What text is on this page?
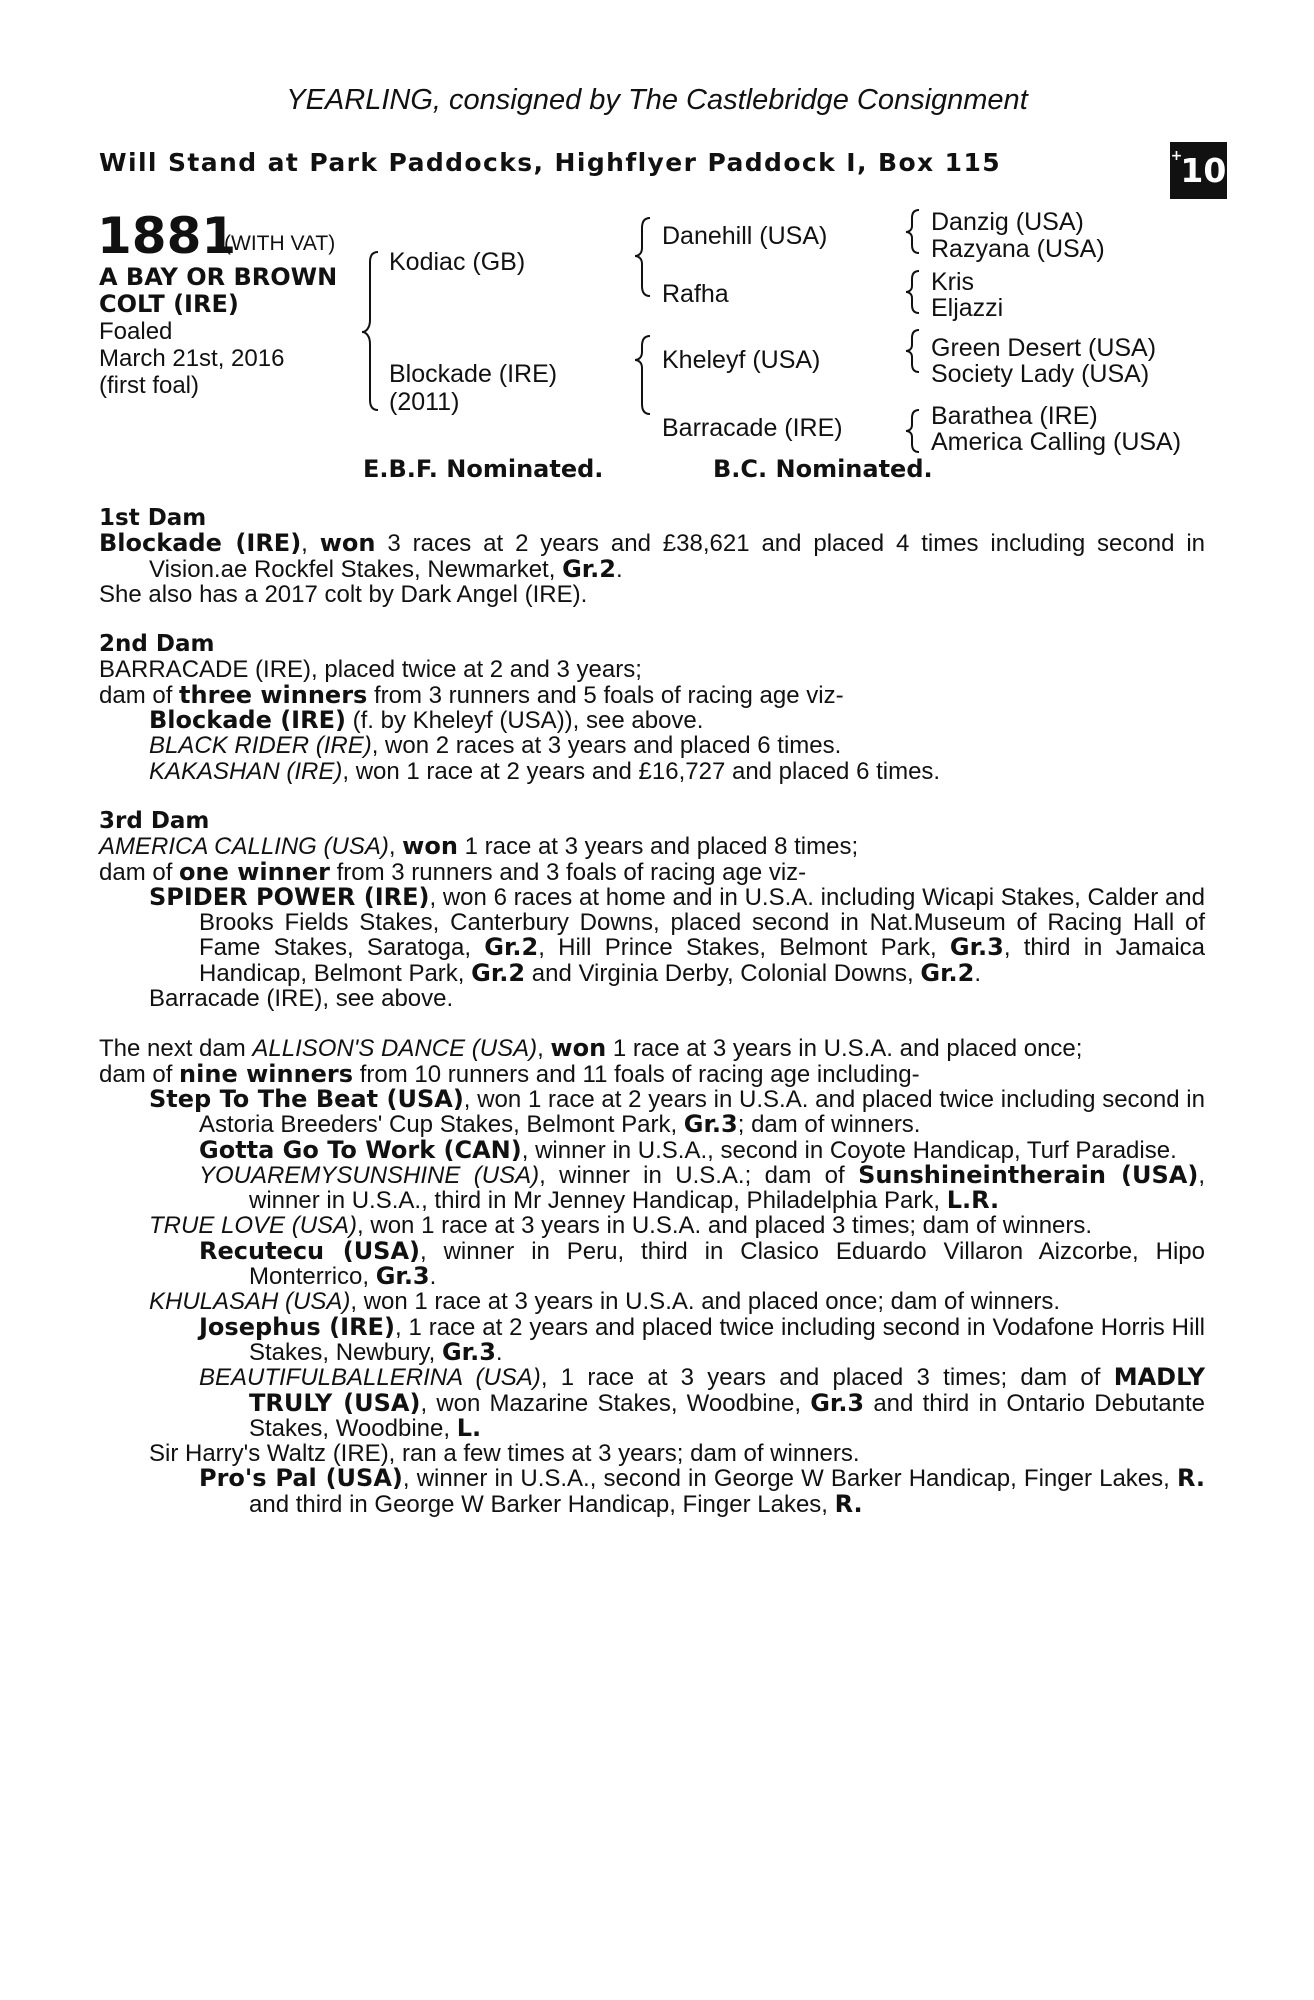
YEARLING, consigned by The Castlebridge Consignment
Will Stand at Park Paddocks, Highflyer Paddock I, Box 115	+
10
1881
(WITH VAT)
A BAY OR BROWN COLT (IRE)
Foaled
March 21st, 2016
(first foal)
Kodiac (GB)
Blockade (IRE)
(2011)
Danehill (USA)
Rafha
Kheleyf (USA)
Barracade (IRE)
Danzig (USA)
Razyana (USA)
Kris
Eljazzi
Green Desert (USA)
Society Lady (USA)
Barathea (IRE)
America Calling (USA)
E.B.F. Nominated.	B.C. Nominated.

1st Dam

Blockade (IRE), won 3 races at 2 years and £38,621 and placed 4 times including second in Vision.ae Rockfel Stakes, Newmarket, Gr.2.

She also has a 2017 colt by Dark Angel (IRE).

2nd Dam

BARRACADE (IRE), placed twice at 2 and 3 years;

dam of three winners from 3 runners and 5 foals of racing age viz-

Blockade (IRE) (f. by Kheleyf (USA)), see above.

BLACK RIDER (IRE), won 2 races at 3 years and placed 6 times.

KAKASHAN (IRE), won 1 race at 2 years and £16,727 and placed 6 times.

3rd Dam

AMERICA CALLING (USA), won 1 race at 3 years and placed 8 times;

dam of one winner from 3 runners and 3 foals of racing age viz-

SPIDER POWER (IRE), won 6 races at home and in U.S.A. including Wicapi Stakes, Calder and Brooks Fields Stakes, Canterbury Downs, placed second in Nat.Museum of Racing Hall of Fame Stakes, Saratoga, Gr.2, Hill Prince Stakes, Belmont Park, Gr.3, third in Jamaica Handicap, Belmont Park, Gr.2 and Virginia Derby, Colonial Downs, Gr.2.

Barracade (IRE), see above.

The next dam ALLISON'S DANCE (USA), won 1 race at 3 years in U.S.A. and placed once;

dam of nine winners from 10 runners and 11 foals of racing age including-

Step To The Beat (USA), won 1 race at 2 years in U.S.A. and placed twice including second in Astoria Breeders' Cup Stakes, Belmont Park, Gr.3; dam of winners.

Gotta Go To Work (CAN), winner in U.S.A., second in Coyote Handicap, Turf Paradise.

YOUAREMYSUNSHINE (USA), winner in U.S.A.; dam of Sunshineintherain (USA), winner in U.S.A., third in Mr Jenney Handicap, Philadelphia Park, L.R.

TRUE LOVE (USA), won 1 race at 3 years in U.S.A. and placed 3 times; dam of winners.

Recutecu (USA), winner in Peru, third in Clasico Eduardo Villaron Aizcorbe, Hipo Monterrico, Gr.3.

KHULASAH (USA), won 1 race at 3 years in U.S.A. and placed once; dam of winners.

Josephus (IRE), 1 race at 2 years and placed twice including second in Vodafone Horris Hill Stakes, Newbury, Gr.3.

BEAUTIFULBALLERINA (USA), 1 race at 3 years and placed 3 times; dam of MADLY TRULY (USA), won Mazarine Stakes, Woodbine, Gr.3 and third in Ontario Debutante Stakes, Woodbine, L.

Sir Harry's Waltz (IRE), ran a few times at 3 years; dam of winners.

Pro's Pal (USA), winner in U.S.A., second in George W Barker Handicap, Finger Lakes, R. and third in George W Barker Handicap, Finger Lakes, R.
